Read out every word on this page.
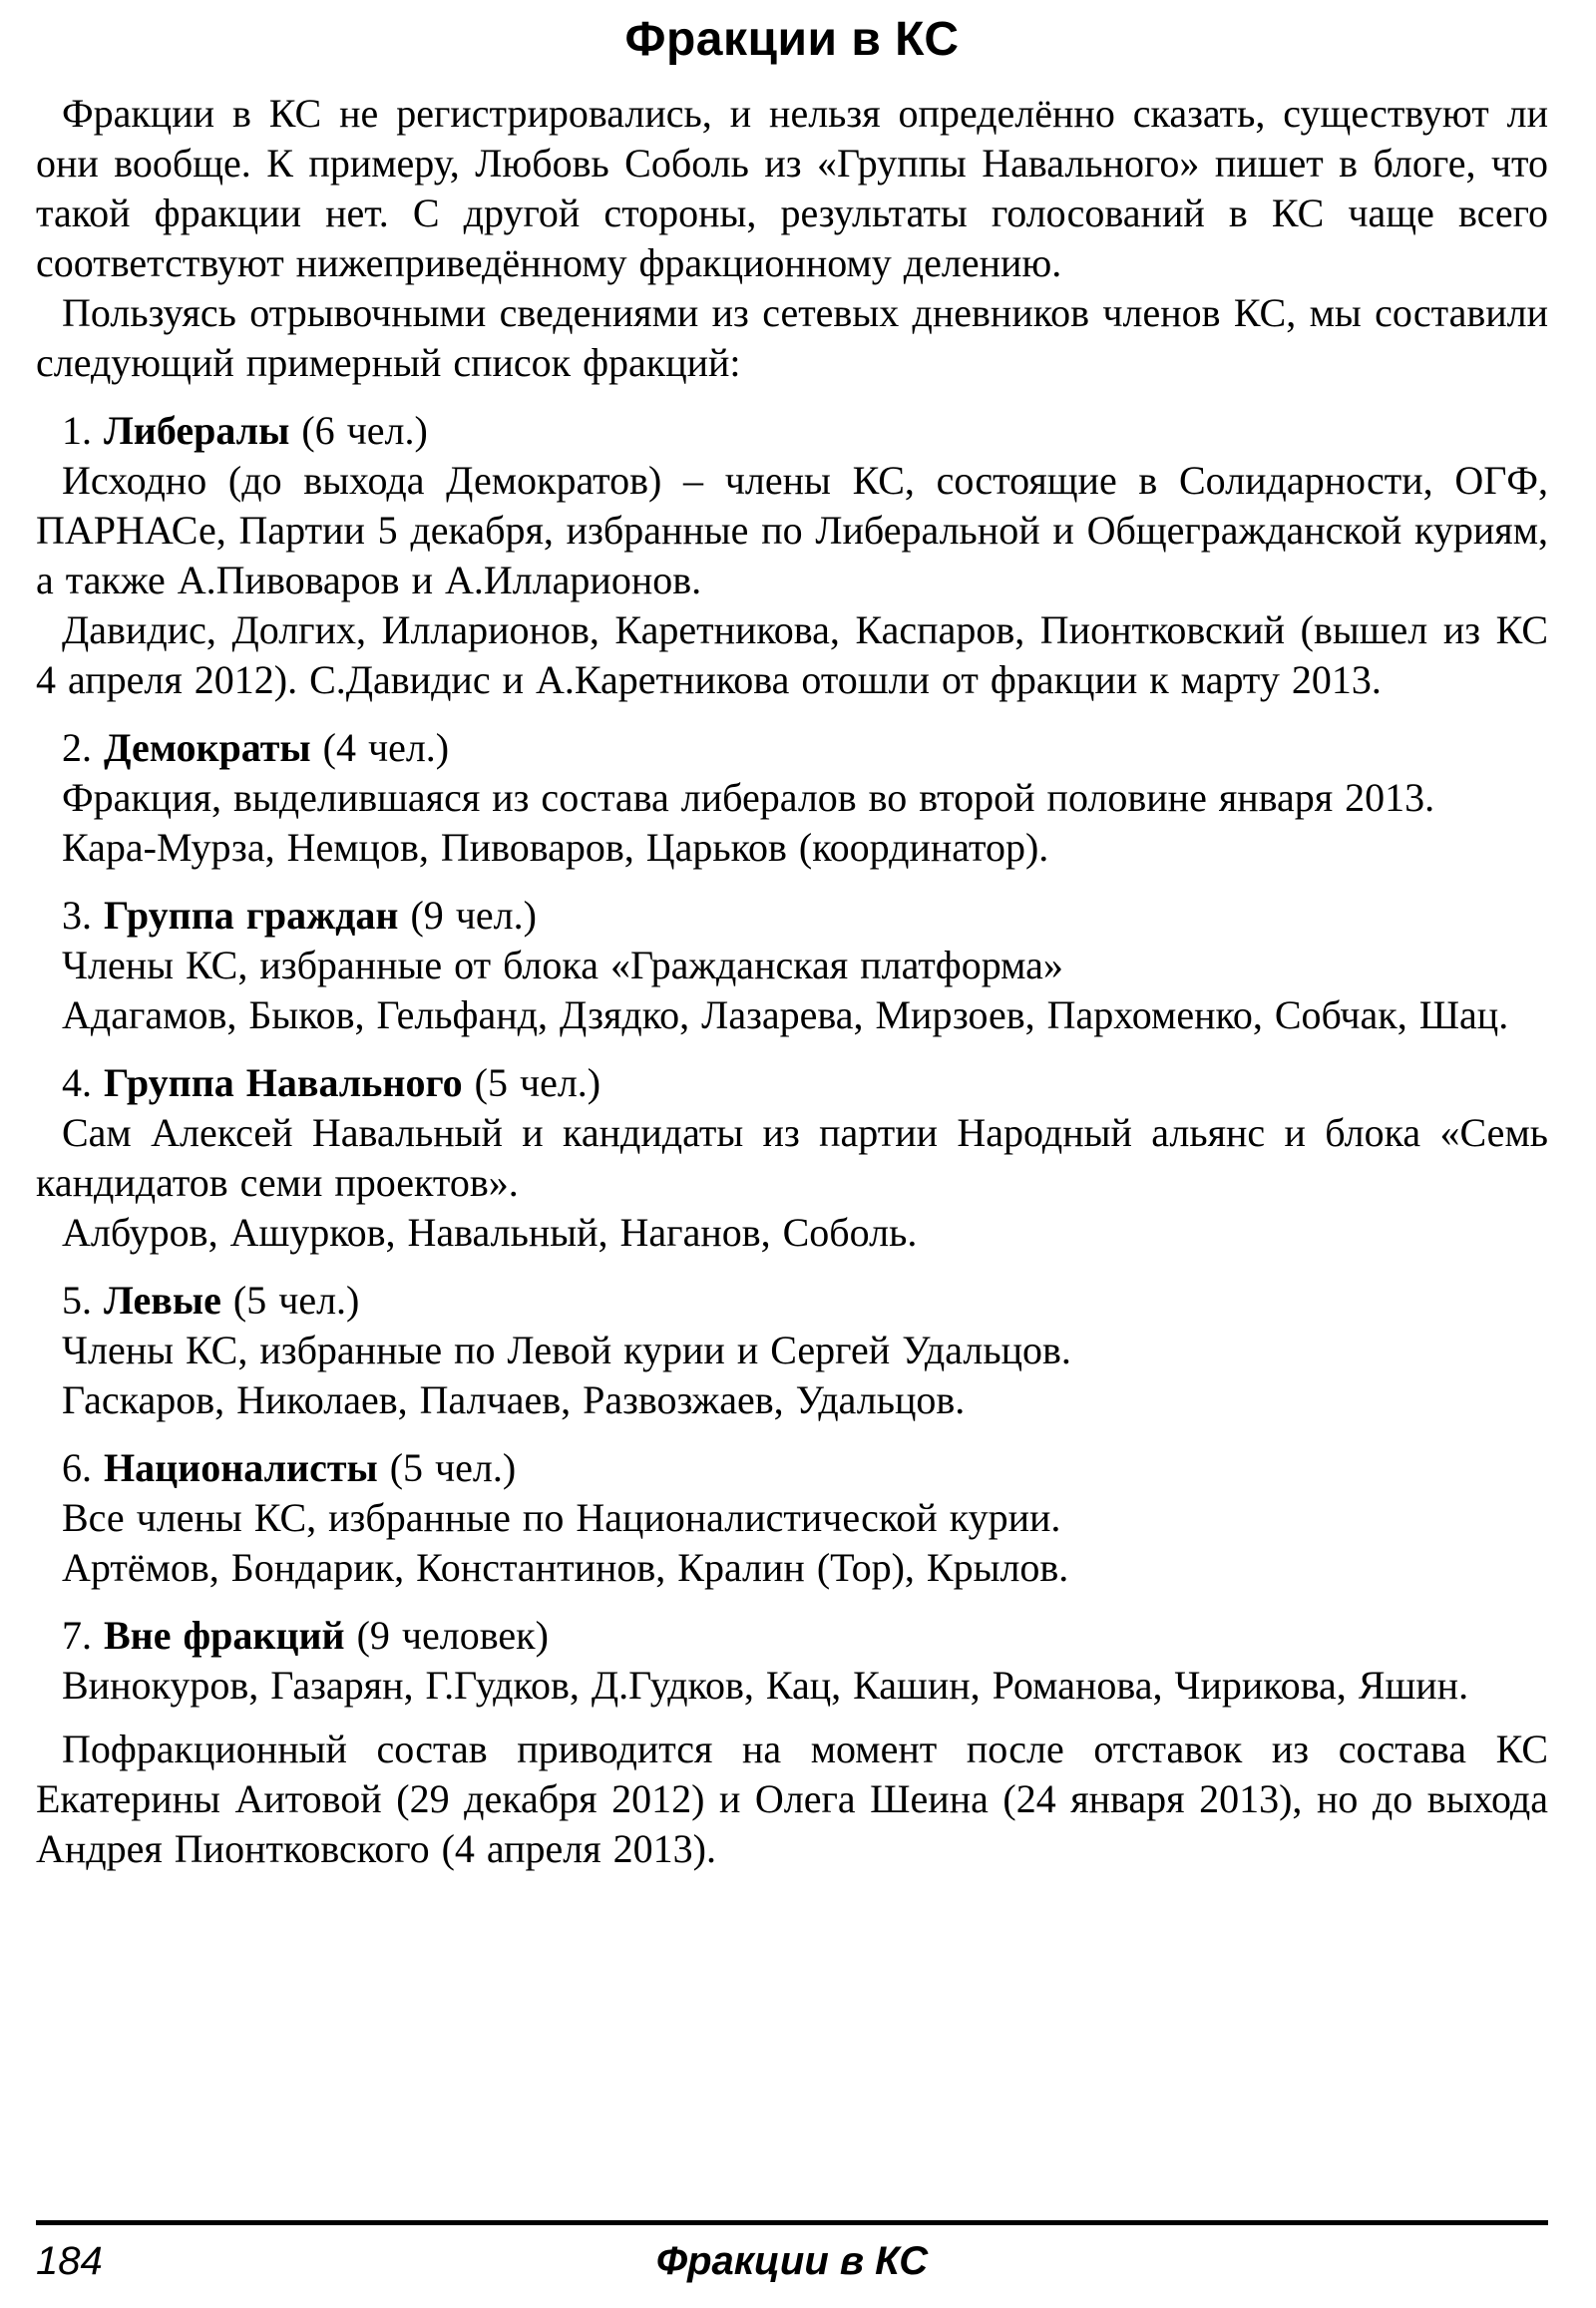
Фракции в КС

Фракции в КС не регистрировались, и нельзя определённо сказать, существуют ли они вообще. К примеру, Любовь Соболь из «Группы Навального» пишет в блоге, что такой фракции нет. С другой стороны, результаты голосований в КС чаще всего соответствуют нижеприведённому фракционному делению.

Пользуясь отрывочными сведениями из сетевых дневников членов КС, мы составили следующий примерный список фракций:

1. Либералы (6 чел.)

Исходно (до выхода Демократов) – члены КС, состоящие в Солидарности, ОГФ, ПАРНАСе, Партии 5 декабря, избранные по Либеральной и Общегражданской куриям, а также А.Пивоваров и А.Илларионов.

Давидис, Долгих, Илларионов, Каретникова, Каспаров, Пионтковский (вышел из КС 4 апреля 2012). С.Давидис и А.Каретникова отошли от фракции к марту 2013.

2. Демократы (4 чел.)

Фракция, выделившаяся из состава либералов во второй половине января 2013.

Кара-Мурза, Немцов, Пивоваров, Царьков (координатор).

3. Группа граждан (9 чел.)

Члены КС, избранные от блока «Гражданская платформа»

Адагамов, Быков, Гельфанд, Дзядко, Лазарева, Мирзоев, Пархоменко, Собчак, Шац.

4. Группа Навального (5 чел.)

Сам Алексей Навальный и кандидаты из партии Народный альянс и блока «Семь кандидатов семи проектов».

Албуров, Ашурков, Навальный, Наганов, Соболь.

5. Левые (5 чел.)

Члены КС, избранные по Левой курии и Сергей Удальцов.

Гаскаров, Николаев, Палчаев, Развозжаев, Удальцов.

6. Националисты (5 чел.)

Все члены КС, избранные по Националистической курии.

Артёмов, Бондарик, Константинов, Кралин (Тор), Крылов.

7. Вне фракций (9 человек)

Винокуров, Газарян, Г.Гудков, Д.Гудков, Кац, Кашин, Романова, Чирикова, Яшин.

Пофракционный состав приводится на момент после отставок из состава КС Екатерины Аитовой (29 декабря 2012) и Олега Шеина (24 января 2013), но до выхода Андрея Пионтковского (4 апреля 2013).

184	Фракции в КС
